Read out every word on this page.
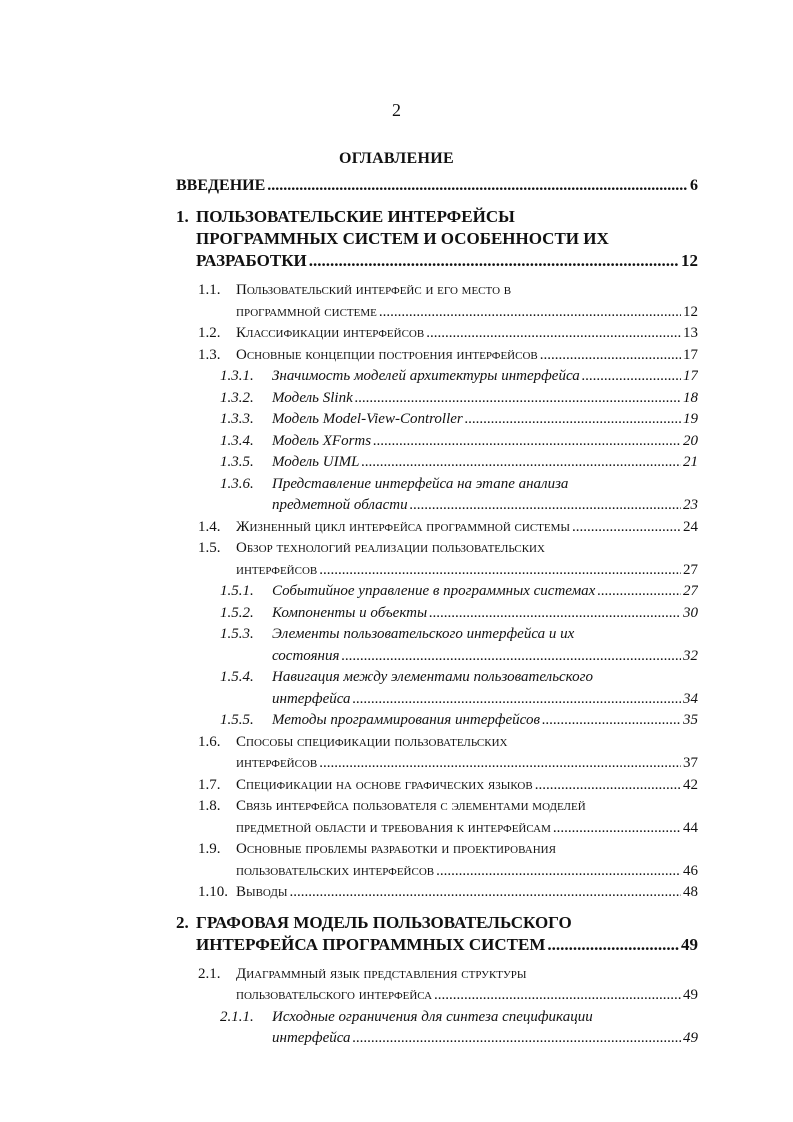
2
ОГЛАВЛЕНИЕ
ВВЕДЕНИЕ .....	6
1. ПОЛЬЗОВАТЕЛЬСКИЕ ИНТЕРФЕЙСЫ
ПРОГРАММНЫХ СИСТЕМ И ОСОБЕННОСТИ ИХ
РАЗРАБОТКИ .....	12
1.1.	Пользовательский интерфейс и его место в
программной системе .....	12
1.2.	Классификации интерфейсов .....	13
1.3.	Основные концепции построения интерфейсов .....	17
1.3.1.	Значимость моделей архитектуры интерфейса .....	17
1.3.2.	Модель Slink .....	18
1.3.3.	Модель Model-View-Controller .....	19
1.3.4.	Модель XForms .....	20
1.3.5.	Модель UIML .....	21
1.3.6.	Представление интерфейса на этапе анализа
предметной области .....	23
1.4.	Жизненный цикл интерфейса программной системы .....	24
1.5.	Обзор технологий реализации пользовательских
интерфейсов .....	27
1.5.1.	Событийное управление в программных системах .....	27
1.5.2.	Компоненты и объекты .....	30
1.5.3.	Элементы пользовательского интерфейса и их
состояния .....	32
1.5.4.	Навигация между элементами пользовательского
интерфейса .....	34
1.5.5.	Методы программирования интерфейсов .....	35
1.6.	Способы спецификации пользовательских
интерфейсов .....	37
1.7.	Спецификации на основе графических языков .....	42
1.8.	Связь интерфейса пользователя с элементами моделей
предметной области и требования к интерфейсам .....	44
1.9.	Основные проблемы разработки и проектирования
пользовательских интерфейсов .....	46
1.10. Выводы .....	48
2. ГРАФОВАЯ МОДЕЛЬ ПОЛЬЗОВАТЕЛЬСКОГО
ИНТЕРФЕЙСА ПРОГРАММНЫХ СИСТЕМ .....	49
2.1.	Диаграммный язык представления структуры
пользовательского интерфейса .....	49
2.1.1.	Исходные ограничения для синтеза спецификации
интерфейса .....	49
